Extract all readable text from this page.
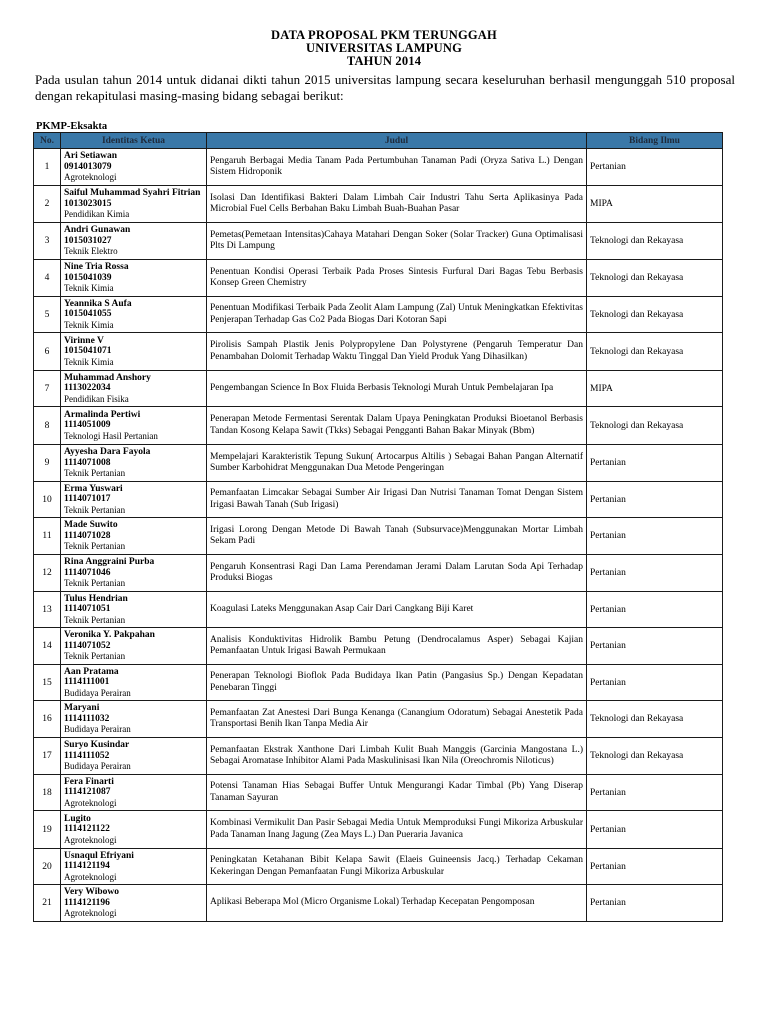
DATA PROPOSAL PKM TERUNGGAH
UNIVERSITAS LAMPUNG
TAHUN 2014
Pada usulan tahun 2014 untuk didanai dikti tahun 2015 universitas lampung secara keseluruhan berhasil mengunggah 510 proposal dengan rekapitulasi masing-masing bidang sebagai berikut:
PKMP-Eksakta
No.	Identitas Ketua	Judul	Bidang Ilmu
1	Ari Setiawan
0914013079
Agroteknologi	Pengaruh Berbagai Media Tanam Pada Pertumbuhan Tanaman Padi (Oryza Sativa L.) Dengan Sistem Hidroponik	Pertanian
2	Saiful Muhammad Syahri Fitrian
1013023015
Pendidikan Kimia	Isolasi Dan Identifikasi Bakteri Dalam Limbah Cair Industri Tahu Serta Aplikasinya Pada Microbial Fuel Cells Berbahan Baku Limbah Buah-Buahan Pasar	MIPA
3	Andri Gunawan
1015031027
Teknik Elektro	Pemetas(Pemetaan Intensitas)Cahaya Matahari Dengan Soker (Solar Tracker) Guna Optimalisasi Plts Di Lampung	Teknologi dan Rekayasa
4	Nine Tria Rossa
1015041039
Teknik Kimia	Penentuan Kondisi Operasi Terbaik Pada Proses Sintesis Furfural Dari Bagas Tebu Berbasis Konsep Green Chemistry	Teknologi dan Rekayasa
5	Yeannika S Aufa
1015041055
Teknik Kimia	Penentuan Modifikasi Terbaik Pada Zeolit Alam Lampung (Zal) Untuk Meningkatkan Efektivitas Penjerapan Terhadap Gas Co2 Pada Biogas Dari Kotoran Sapi	Teknologi dan Rekayasa
6	Virinne V
1015041071
Teknik Kimia	Pirolisis Sampah Plastik Jenis Polypropylene Dan Polystyrene (Pengaruh Temperatur Dan Penambahan Dolomit Terhadap Waktu Tinggal Dan Yield Produk Yang Dihasilkan)	Teknologi dan Rekayasa
7	Muhammad Anshory
1113022034
Pendidikan Fisika	Pengembangan Science In Box Fluida Berbasis Teknologi Murah Untuk Pembelajaran Ipa	MIPA
8	Armalinda Pertiwi
1114051009
Teknologi Hasil Pertanian	Penerapan Metode Fermentasi Serentak Dalam Upaya Peningkatan Produksi Bioetanol Berbasis Tandan Kosong Kelapa Sawit (Tkks) Sebagai Pengganti Bahan Bakar Minyak (Bbm)	Teknologi dan Rekayasa
9	Ayyesha Dara Fayola
1114071008
Teknik Pertanian	Mempelajari Karakteristik Tepung Sukun( Artocarpus Altilis ) Sebagai Bahan Pangan Alternatif Sumber Karbohidrat Menggunakan Dua Metode Pengeringan	Pertanian
10	Erma Yuswari
1114071017
Teknik Pertanian	Pemanfaatan Limcakar Sebagai Sumber Air Irigasi Dan Nutrisi Tanaman Tomat Dengan Sistem Irigasi Bawah Tanah (Sub Irigasi)	Pertanian
11	Made Suwito
1114071028
Teknik Pertanian	Irigasi Lorong Dengan Metode Di Bawah Tanah (Subsurvace)Menggunakan Mortar Limbah Sekam Padi	Pertanian
12	Rina Anggraini Purba
1114071046
Teknik Pertanian	Pengaruh Konsentrasi Ragi Dan Lama Perendaman Jerami Dalam Larutan Soda Api Terhadap Produksi Biogas	Pertanian
13	Tulus Hendrian
1114071051
Teknik Pertanian	Koagulasi Lateks Menggunakan Asap Cair Dari Cangkang Biji Karet	Pertanian
14	Veronika Y. Pakpahan
1114071052
Teknik Pertanian	Analisis Konduktivitas Hidrolik Bambu Petung (Dendrocalamus Asper) Sebagai Kajian Pemanfaatan Untuk Irigasi Bawah Permukaan	Pertanian
15	Aan Pratama
1114111001
Budidaya Perairan	Penerapan Teknologi Bioflok Pada Budidaya Ikan Patin (Pangasius Sp.) Dengan Kepadatan Penebaran Tinggi	Pertanian
16	Maryani
1114111032
Budidaya Perairan	Pemanfaatan Zat Anestesi Dari Bunga Kenanga (Canangium Odoratum) Sebagai Anestetik Pada Transportasi Benih Ikan Tanpa Media Air	Teknologi dan Rekayasa
17	Suryo Kusindar
1114111052
Budidaya Perairan	Pemanfaatan Ekstrak Xanthone Dari Limbah Kulit Buah Manggis (Garcinia Mangostana L.) Sebagai Aromatase Inhibitor Alami Pada Maskulinisasi Ikan Nila (Oreochromis Niloticus)	Teknologi dan Rekayasa
18	Fera Finarti
1114121087
Agroteknologi	Potensi Tanaman Hias Sebagai Buffer Untuk Mengurangi Kadar Timbal (Pb) Yang Diserap Tanaman Sayuran	Pertanian
19	Lugito
1114121122
Agroteknologi	Kombinasi Vermikulit Dan Pasir Sebagai Media Untuk Memproduksi Fungi Mikoriza Arbuskular Pada Tanaman Inang Jagung (Zea Mays L.) Dan Pueraria Javanica	Pertanian
20	Usnaqul Efriyani
1114121194
Agroteknologi	Peningkatan Ketahanan Bibit Kelapa Sawit (Elaeis Guineensis Jacq.) Terhadap Cekaman Kekeringan Dengan Pemanfaatan Fungi Mikoriza Arbuskular	Pertanian
21	Very Wibowo
1114121196
Agroteknologi	Aplikasi Beberapa Mol (Micro Organisme Lokal) Terhadap Kecepatan Pengomposan	Pertanian
